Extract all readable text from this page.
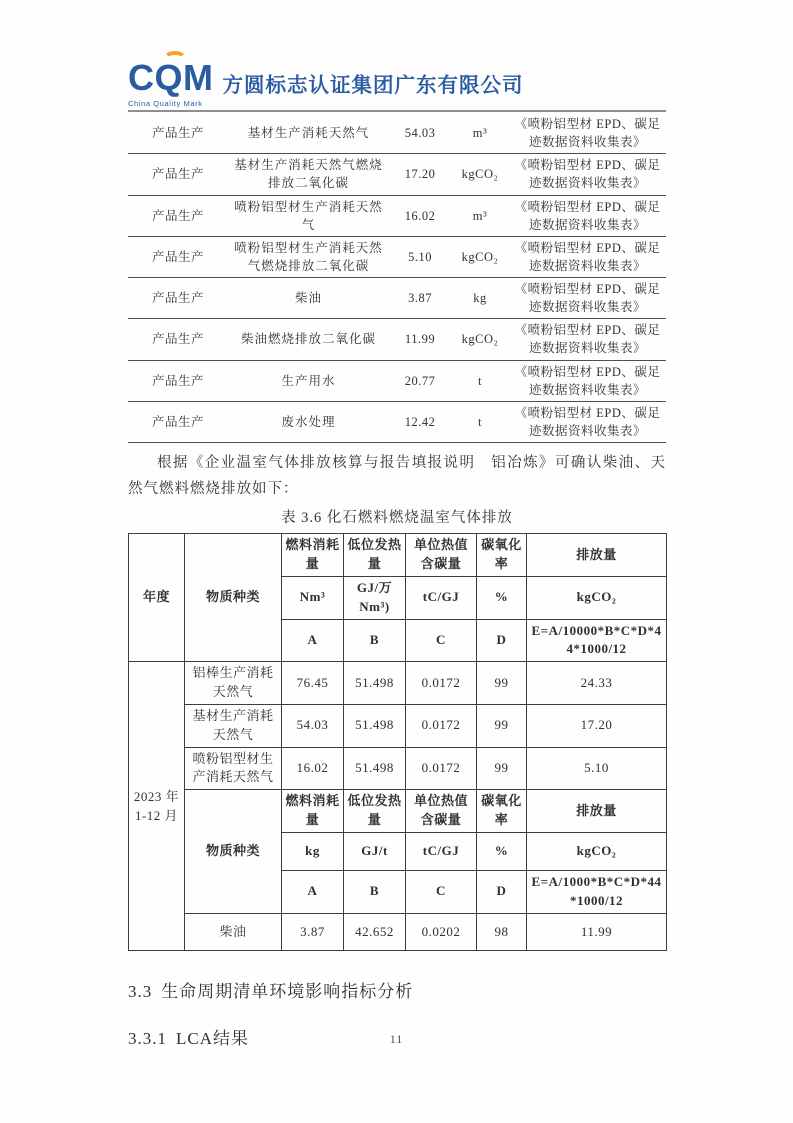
CQM
China Quality Mark
方圆标志认证集团广东有限公司
产品生产	基材生产消耗天然气	54.03	m³	《喷粉铝型材 EPD、碳足迹数据资料收集表》
产品生产	基材生产消耗天然气燃烧排放二氧化碳	17.20	kgCO₂	《喷粉铝型材 EPD、碳足迹数据资料收集表》
产品生产	喷粉铝型材生产消耗天然气	16.02	m³	《喷粉铝型材 EPD、碳足迹数据资料收集表》
产品生产	喷粉铝型材生产消耗天然气燃烧排放二氧化碳	5.10	kgCO₂	《喷粉铝型材 EPD、碳足迹数据资料收集表》
产品生产	柴油	3.87	kg	《喷粉铝型材 EPD、碳足迹数据资料收集表》
产品生产	柴油燃烧排放二氧化碳	11.99	kgCO₂	《喷粉铝型材 EPD、碳足迹数据资料收集表》
产品生产	生产用水	20.77	t	《喷粉铝型材 EPD、碳足迹数据资料收集表》
产品生产	废水处理	12.42	t	《喷粉铝型材 EPD、碳足迹数据资料收集表》

根据《企业温室气体排放核算与报告填报说明　铝冶炼》可确认柴油、天然气燃料燃烧排放如下：

表 3.6 化石燃料燃烧温室气体排放
年度	物质种类	燃料消耗量	低位发热量	单位热值含碳量	碳氧化率	排放量
		Nm³	GJ/万Nm³)	tC/GJ	%	kgCO₂
		A	B	C	D	E=A/10000*B*C*D*44*1000/12

2023 年
1-12 月	铝棒生产消耗天然气	76.45	51.498	0.0172	99	24.33
	基材生产消耗天然气	54.03	51.498	0.0172	99	17.20
	喷粉铝型材生产消耗天然气	16.02	51.498	0.0172	99	5.10
	物质种类	燃料消耗量	低位发热量	单位热值含碳量	碳氧化率	排放量
		kg	GJ/t	tC/GJ	%	kgCO₂
		A	B	C	D	E=A/1000*B*C*D*44*1000/12
	柴油	3.87	42.652	0.0202	98	11.99
3.3 生命周期清单环境影响指标分析
3.3.1 LCA结果	11
